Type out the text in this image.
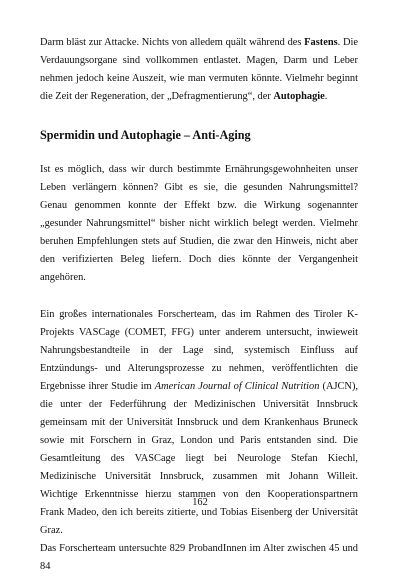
Darm bläst zur Attacke. Nichts von alledem quält während des Fastens. Die Verdauungsorgane sind vollkommen entlastet. Magen, Darm und Leber nehmen jedoch keine Auszeit, wie man vermuten könnte. Vielmehr beginnt die Zeit der Regeneration, der „Defragmentierung“, der Autophagie.

Spermidin und Autophagie – Anti-Aging

Ist es möglich, dass wir durch bestimmte Ernährungsgewohnheiten unser Leben verlängern können? Gibt es sie, die gesunden Nahrungsmittel? Genau genommen konnte der Effekt bzw. die Wirkung sogenannter „gesunder Nahrungsmittel“ bisher nicht wirklich belegt werden. Vielmehr beruhen Empfehlungen stets auf Studien, die zwar den Hinweis, nicht aber den verifizierten Beleg liefern. Doch dies könnte der Vergangenheit angehören.

Ein großes internationales Forscherteam, das im Rahmen des Tiroler K-Projekts VASCage (COMET, FFG) unter anderem untersucht, inwieweit Nahrungsbestandteile in der Lage sind, systemisch Einfluss auf Entzündungs- und Alterungsprozesse zu nehmen, veröffentlichten die Ergebnisse ihrer Studie im American Journal of Clinical Nutrition (AJCN), die unter der Federführung der Medizinischen Universität Innsbruck gemeinsam mit der Universität Innsbruck und dem Krankenhaus Bruneck sowie mit Forschern in Graz, London und Paris entstanden sind. Die Gesamtleitung des VASCage liegt bei Neurologe Stefan Kiechl, Medizinische Universität Innsbruck, zusammen mit Johann Willeit. Wichtige Erkenntnisse hierzu stammen von den Kooperationspartnern Frank Madeo, den ich bereits zitierte, und Tobias Eisenberg der Universität Graz.

Das Forscherteam untersuchte 829 ProbandInnen im Alter zwischen 45 und 84

162
